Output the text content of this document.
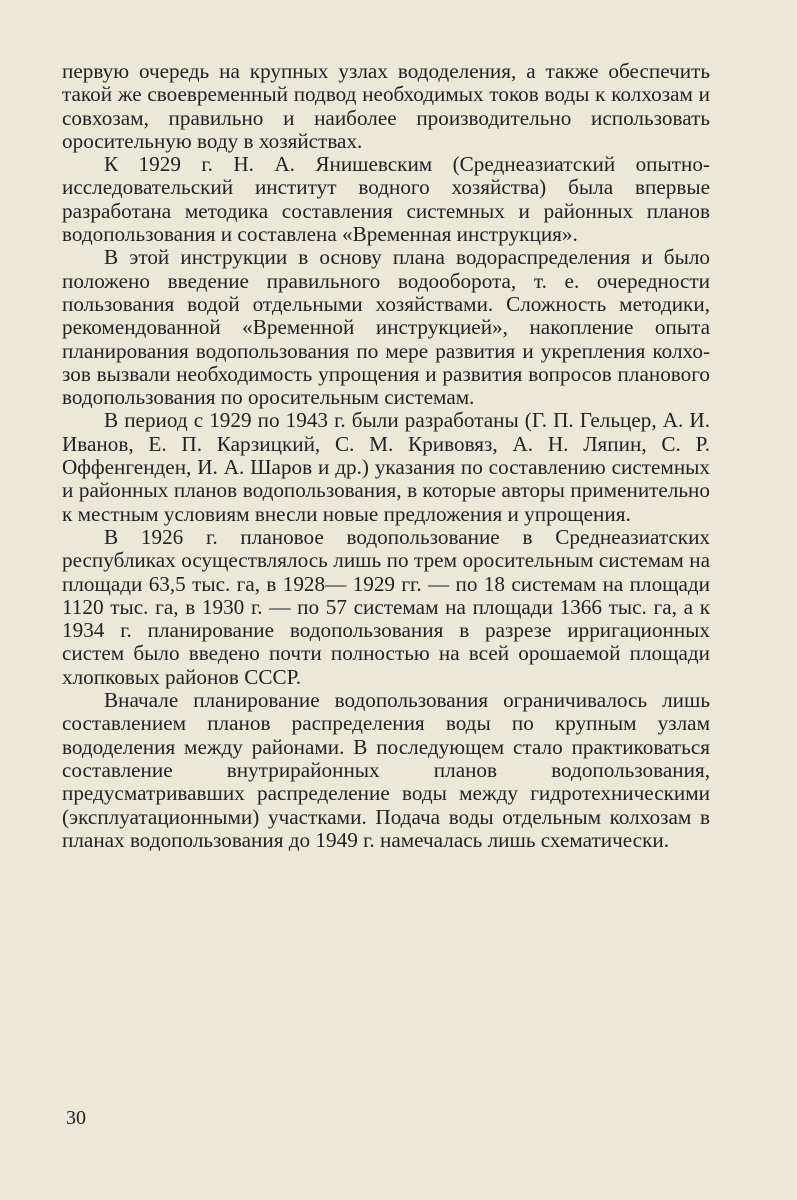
первую очередь на крупных узлах вододеления, а также обеспечить такой же своевременный подвод необходимых токов воды к колхозам и совхозам, правильно и наиболее производительно использовать оросительную воду в хозяйствах.

К 1929 г. Н. А. Янишевским (Среднеазиатский опытно-исследовательский институт водного хозяйства) была впервые разработана методика составления системных и районных планов водопользования и составлена «Временная инструкция».

В этой инструкции в основу плана водораспределения и было положено введение правильного водооборота, т. е. очередности пользования водой отдельными хозяйствами. Сложность методики, рекомендованной «Временной инструкцией», накопление опыта планирования водопользования по мере развития и укрепления колхозов вызвали необходимость упрощения и развития вопросов планового водопользования по оросительным системам.

В период с 1929 по 1943 г. были разработаны (Г. П. Гельцер, А. И. Иванов, Е. П. Карзицкий, С. М. Кривовяз, А. Н. Ляпин, С. Р. Оффенгенден, И. А. Шаров и др.) указания по составлению системных и районных планов водопользования, в которые авторы применительно к местным условиям внесли новые предложения и упрощения.

В 1926 г. плановое водопользование в Среднеазиатских республиках осуществлялось лишь по трем оросительным системам на площади 63,5 тыс. га, в 1928— 1929 гг. — по 18 системам на площади 1120 тыс. га, в 1930 г. — по 57 системам на площади 1366 тыс. га, а к 1934 г. планирование водопользования в разрезе ирригационных систем было введено почти полностью на всей орошаемой площади хлопковых районов СССР.

Вначале планирование водопользования ограничивалось лишь составлением планов распределения воды по крупным узлам вододеления между районами. В последующем стало практиковаться составление внутрирайонных планов водопользования, предусматривавших распределение воды между гидротехническими (эксплуатационными) участками. Подача воды отдельным колхозам в планах водопользования до 1949 г. намечалась лишь схематически.

30
